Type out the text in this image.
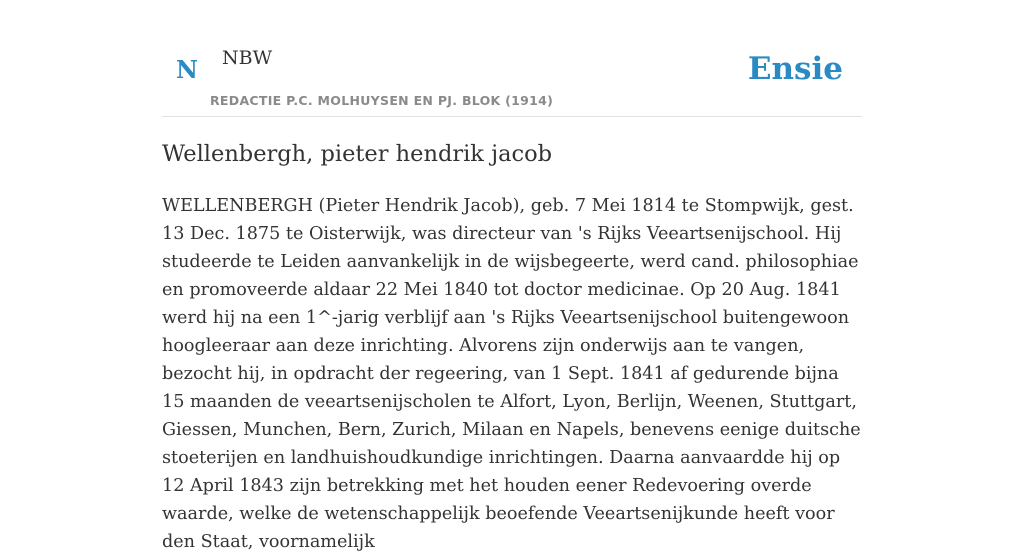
N NBW
REDACTIE P.C. MOLHUYSEN EN PJ. BLOK (1914)
Ensie
Wellenbergh, pieter hendrik jacob

WELLENBERGH (Pieter Hendrik Jacob), geb. 7 Mei 1814 te Stompwijk, gest. 13 Dec. 1875 te Oisterwijk, was directeur van 's Rijks Veeartsenijschool. Hij studeerde te Leiden aanvankelijk in de wijsbegeerte, werd cand. philosophiae en promoveerde aldaar 22 Mei 1840 tot doctor medicinae. Op 20 Aug. 1841 werd hij na een 1^-jarig verblijf aan 's Rijks Veeartsenijschool buitengewoon hoogleeraar aan deze inrichting. Alvorens zijn onderwijs aan te vangen, bezocht hij, in opdracht der regeering, van 1 Sept. 1841 af gedurende bijna 15 maanden de veeartsenijscholen te Alfort, Lyon, Berlijn, Weenen, Stuttgart, Giessen, Munchen, Bern, Zurich, Milaan en Napels, benevens eenige duitsche stoeterijen en landhuishoudkundige inrichtingen. Daarna aanvaardde hij op 12 April 1843 zijn betrekking met het houden eener Redevoering overde waarde, welke de wetenschappelijk beoefende Veeartsenijkunde heeft voor den Staat, voornamelijk
